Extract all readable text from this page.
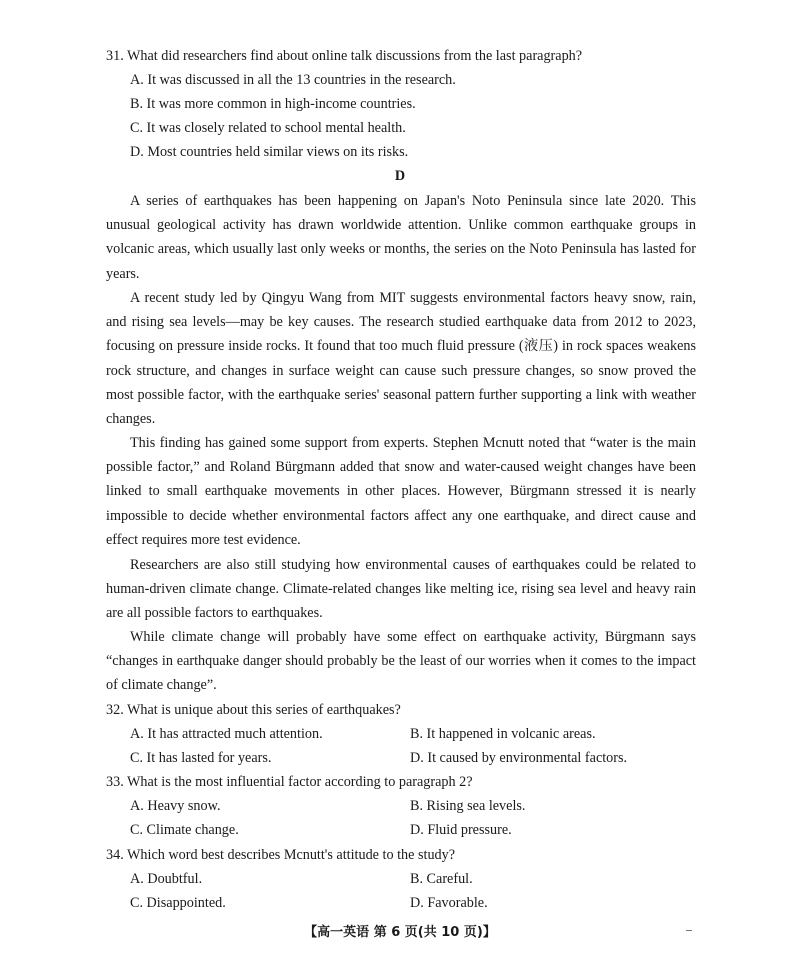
31. What did researchers find about online talk discussions from the last paragraph?
A. It was discussed in all the 13 countries in the research.
B. It was more common in high-income countries.
C. It was closely related to school mental health.
D. Most countries held similar views on its risks.
D
A series of earthquakes has been happening on Japan's Noto Peninsula since late 2020. This unusual geological activity has drawn worldwide attention. Unlike common earthquake groups in volcanic areas, which usually last only weeks or months, the series on the Noto Peninsula has lasted for years.
A recent study led by Qingyu Wang from MIT suggests environmental factors heavy snow, rain, and rising sea levels—may be key causes. The research studied earthquake data from 2012 to 2023, focusing on pressure inside rocks. It found that too much fluid pressure (液压) in rock spaces weakens rock structure, and changes in surface weight can cause such pressure changes, so snow proved the most possible factor, with the earthquake series' seasonal pattern further supporting a link with weather changes.
This finding has gained some support from experts. Stephen Mcnutt noted that “water is the main possible factor,” and Roland Bürgmann added that snow and water-caused weight changes have been linked to small earthquake movements in other places. However, Bürgmann stressed it is nearly impossible to decide whether environmental factors affect any one earthquake, and direct cause and effect requires more test evidence.
Researchers are also still studying how environmental causes of earthquakes could be related to human-driven climate change. Climate-related changes like melting ice, rising sea level and heavy rain are all possible factors to earthquakes.
While climate change will probably have some effect on earthquake activity, Bürgmann says “changes in earthquake danger should probably be the least of our worries when it comes to the impact of climate change”.
32. What is unique about this series of earthquakes?
A. It has attracted much attention.	B. It happened in volcanic areas.
C. It has lasted for years.	D. It caused by environmental factors.
33. What is the most influential factor according to paragraph 2?
A. Heavy snow.	B. Rising sea levels.
C. Climate change.	D. Fluid pressure.
34. Which word best describes Mcnutt's attitude to the study?
A. Doubtful.	B. Careful.
C. Disappointed.	D. Favorable.
【高一英语 第 6 页(共 10 页)】
